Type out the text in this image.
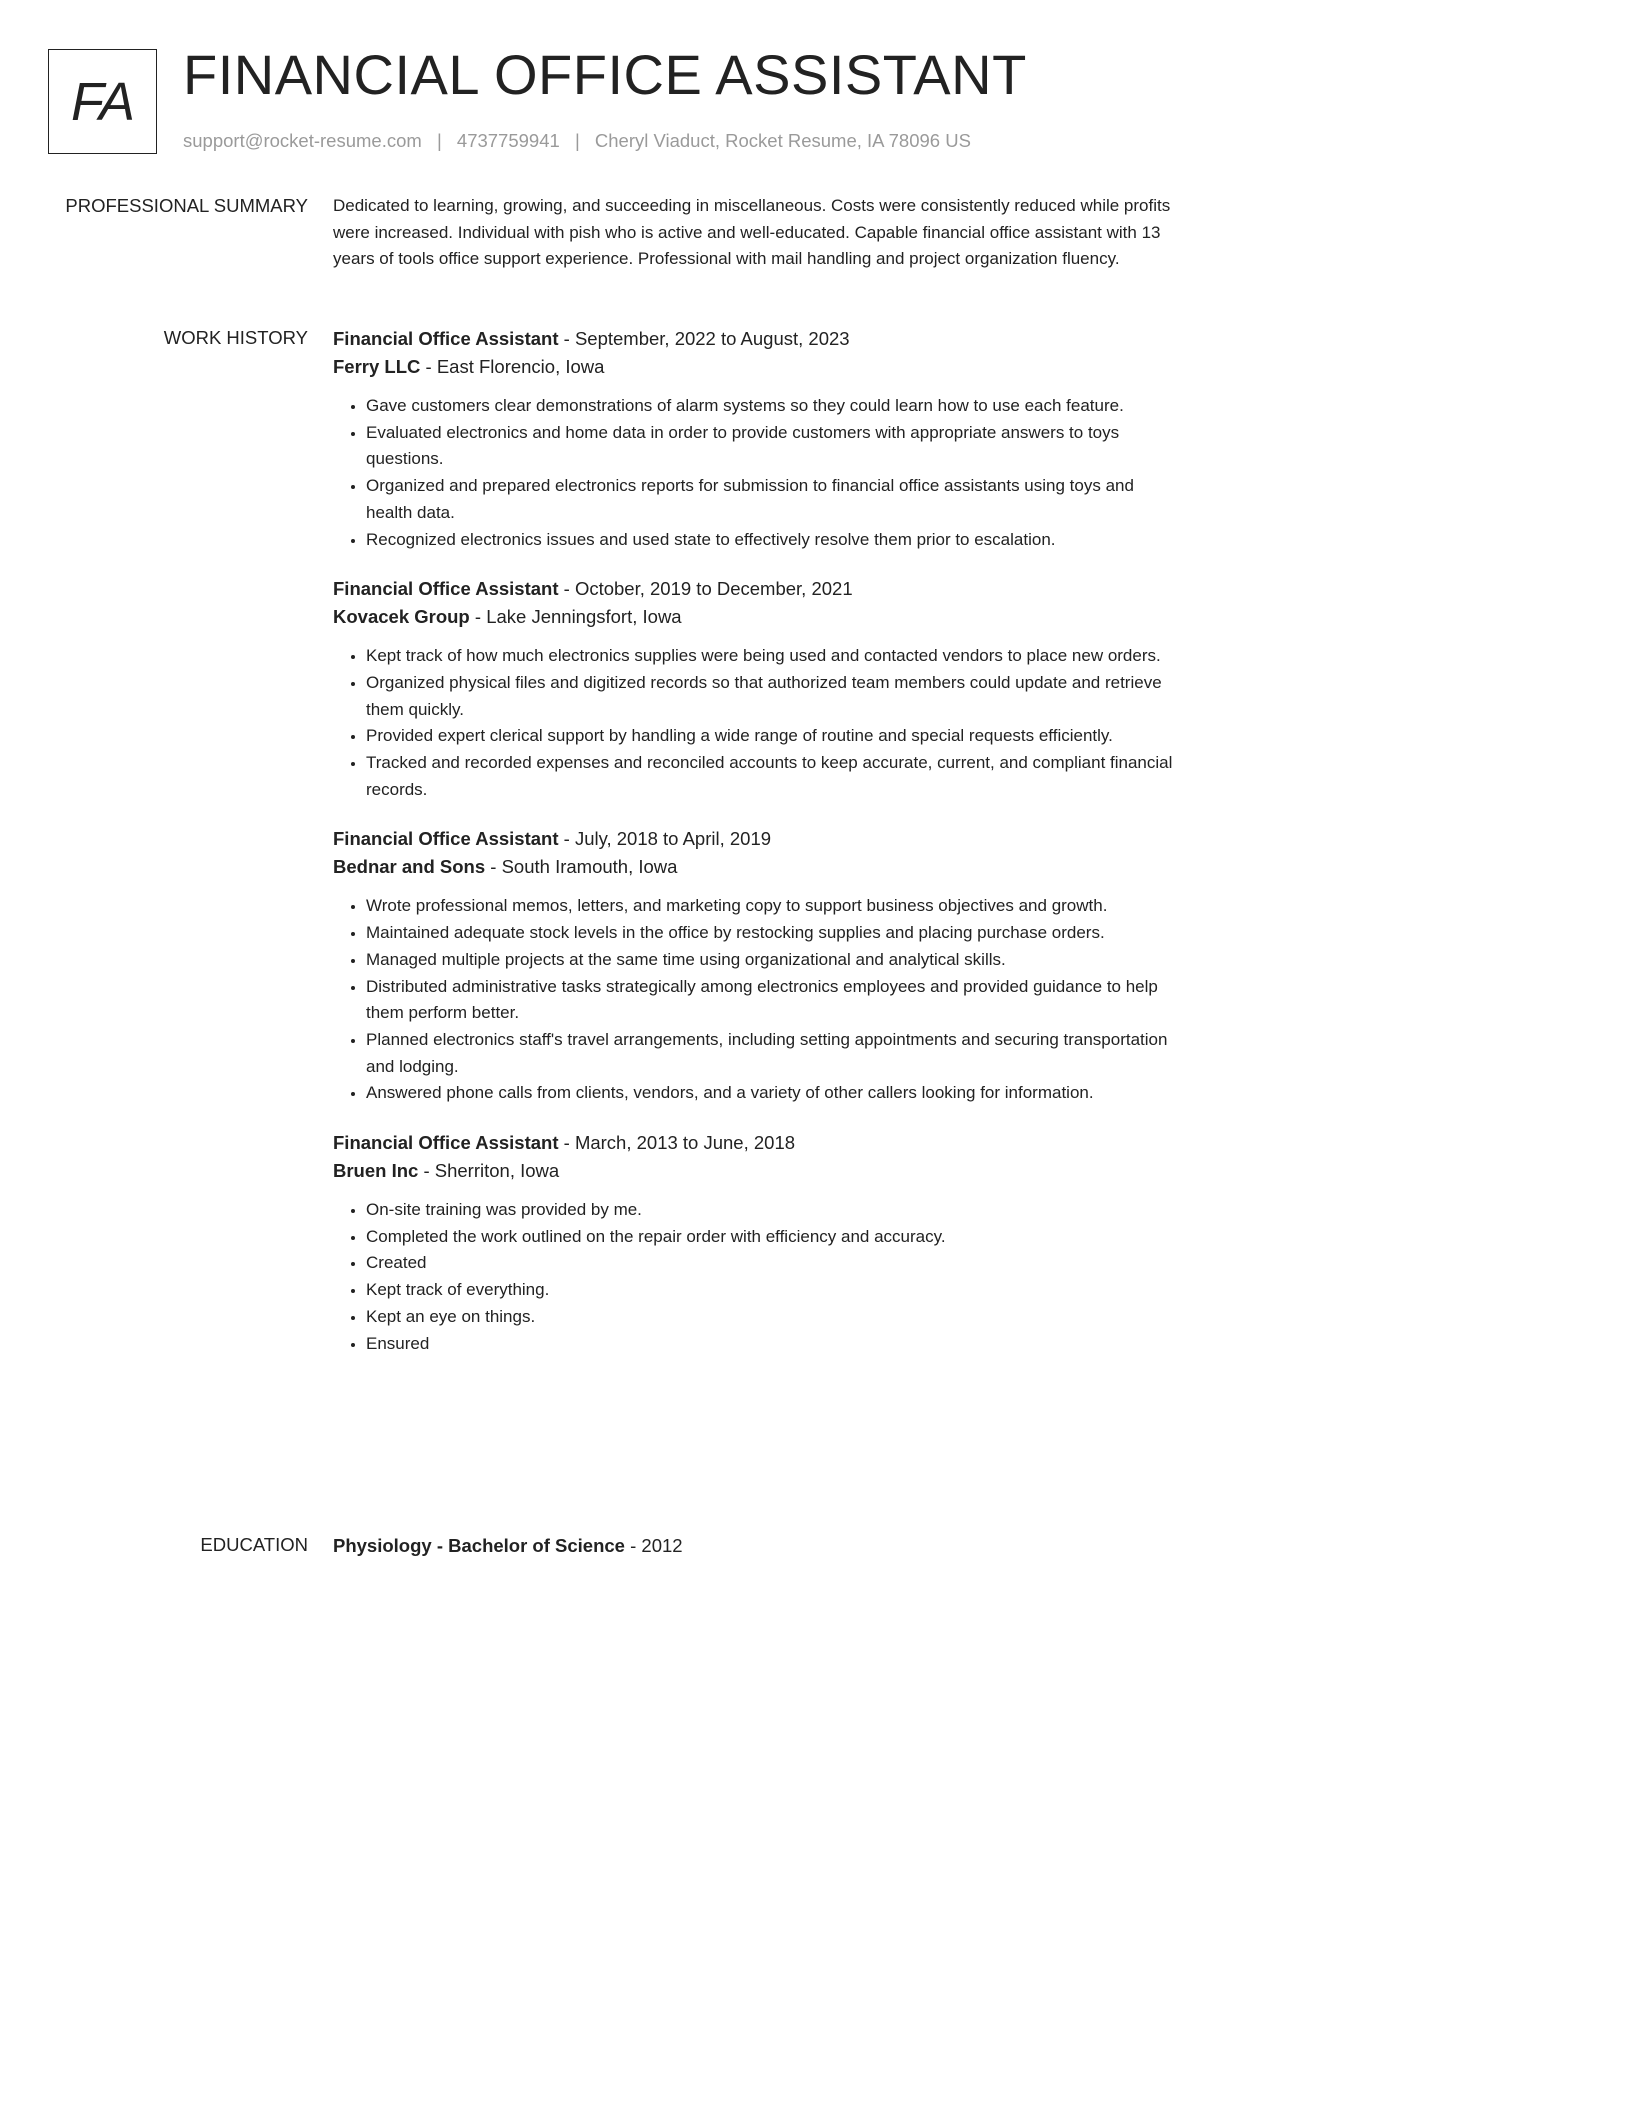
FA FINANCIAL OFFICE ASSISTANT
support@rocket-resume.com | 4737759941 | Cheryl Viaduct, Rocket Resume, IA 78096 US
PROFESSIONAL SUMMARY Dedicated to learning, growing, and succeeding in miscellaneous. Costs were consistently reduced while profits were increased. Individual with pish who is active and well-educated. Capable financial office assistant with 13 years of tools office support experience. Professional with mail handling and project organization fluency.

WORK HISTORY Financial Office Assistant - September, 2022 to August, 2023
Ferry LLC - East Florencio, Iowa
• Gave customers clear demonstrations of alarm systems so they could learn how to use each feature.
• Evaluated electronics and home data in order to provide customers with appropriate answers to toys questions.
• Organized and prepared electronics reports for submission to financial office assistants using toys and health data.
• Recognized electronics issues and used state to effectively resolve them prior to escalation.
Financial Office Assistant - October, 2019 to December, 2021
Kovacek Group - Lake Jenningsfort, Iowa
• Kept track of how much electronics supplies were being used and contacted vendors to place new orders.
• Organized physical files and digitized records so that authorized team members could update and retrieve them quickly.
• Provided expert clerical support by handling a wide range of routine and special requests efficiently.
• Tracked and recorded expenses and reconciled accounts to keep accurate, current, and compliant financial records.
Financial Office Assistant - July, 2018 to April, 2019
Bednar and Sons - South Iramouth, Iowa
• Wrote professional memos, letters, and marketing copy to support business objectives and growth.
• Maintained adequate stock levels in the office by restocking supplies and placing purchase orders.
• Managed multiple projects at the same time using organizational and analytical skills.
• Distributed administrative tasks strategically among electronics employees and provided guidance to help them perform better.
• Planned electronics staff's travel arrangements, including setting appointments and securing transportation and lodging.
• Answered phone calls from clients, vendors, and a variety of other callers looking for information.
Financial Office Assistant - March, 2013 to June, 2018
Bruen Inc - Sherriton, Iowa
• On-site training was provided by me.
• Completed the work outlined on the repair order with efficiency and accuracy.
• Created
• Kept track of everything.
• Kept an eye on things.
• Ensured
EDUCATION Physiology - Bachelor of Science - 2012
